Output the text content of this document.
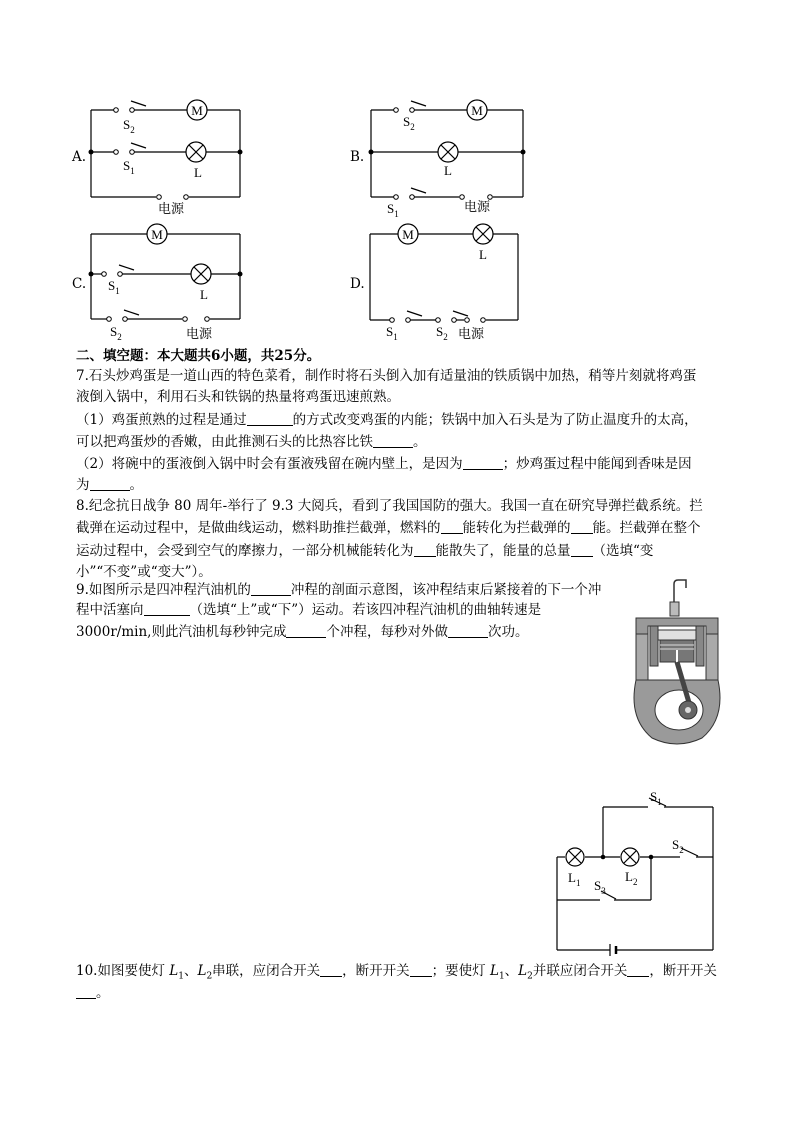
A.
M
$S_2$
$S_1$	L
电源
B.
M
$S_2$
L
$S_1$	电源
C.
M
$S_1$	L
$S_2$	电源
D.
M
L
$S_1$	$S_2$ 电源
二、填空题：本大题共6小题，共25分。
7.石头炒鸡蛋是一道山西的特色菜肴，制作时将石头倒入加有适量油的铁质锅中加热，稍等片刻就将鸡蛋
液倒入锅中，利用石头和铁锅的热量将鸡蛋迅速煎熟。
（1）鸡蛋煎熟的过程是通过	的方式改变鸡蛋的内能；铁锅中加入石头是为了防止温度升的太高，
可以把鸡蛋炒的香嫩，由此推测石头的比热容比铁	。
（2）将碗中的蛋液倒入锅中时会有蛋液残留在碗内壁上，是因为	；炒鸡蛋过程中能闻到香味是因
为	。
8.纪念抗日战争 80 周年-举行了 9.3 大阅兵，看到了我国国防的强大。我国一直在研究导弹拦截系统。拦
截弹在运动过程中，是做曲线运动，燃料助推拦截弹，燃料的 能转化为拦截弹的 能。拦截弹在整个
运动过程中，会受到空气的摩擦力，一部分机械能转化为 能散失了，能量的总量 （选填“变
小”“不变”或“变大”）。
9.如图所示是四冲程汽油机的	冲程的剖面示意图，该冲程结束后紧接着的下一个冲
程中活塞向	（选填“上”或“下”）运动。若该四冲程汽油机的曲轴转速是
3000r/min,则此汽油机每秒钟完成	个冲程，每秒对外做	次功。
$S_1$
$S_2$
$S_3$
$L_1$	$L_2$
10.如图要使灯 $L_1$、$L_2$串联，应闭合开关 ，断开开关 ；要使灯 $L_1$、$L_2$并联应闭合开关 ，断开开关
。
